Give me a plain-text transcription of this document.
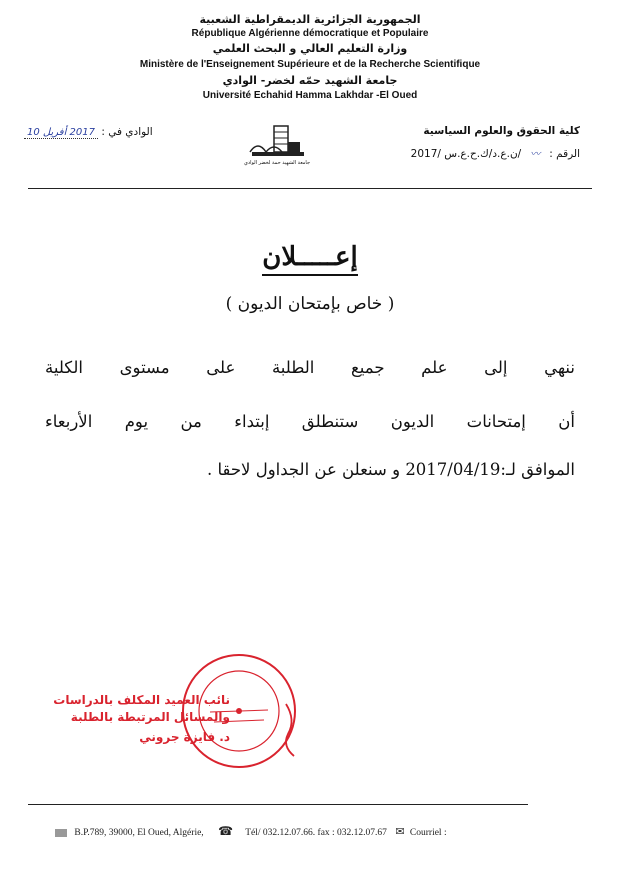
الجمهورية الجزائرية الديمقراطية الشعبية
République Algérienne démocratique et Populaire
وزارة التعليم العالي و البحث العلمي
Ministère de l'Enseignement Supérieure et de la Recherche Scientifique
جامعة الشهيد حمّه لخضر- الوادي
Université Echahid Hamma Lakhdar -El Oued
كلية الحقوق والعلوم السياسية
الرقم :〰/ن.ع.د/ك.ح.ع.س /2017
جامعة الشهيد حمة لخضر الوادي
الوادي في : 2017 أفريل 10
إعـــــلان
( خاص بإمتحان الديون )
ننهي إلى علم جميع الطلبة على مستوى الكلية
أن إمتحانات الديون ستنطلق إبتداء من يوم الأربعاء
الموافق لـ:2017/04/19 و سنعلن عن الجداول لاحقا .
نائب العميد المكلف بالدراسات
والمسائل المرتبطة بالطلبة
د. فايزة جروني
B.P.789, 39000, El Oued, Algérie, ☎ Tél/ 032.12.07.66. fax : 032.12.07.67 ✉ Courriel :
